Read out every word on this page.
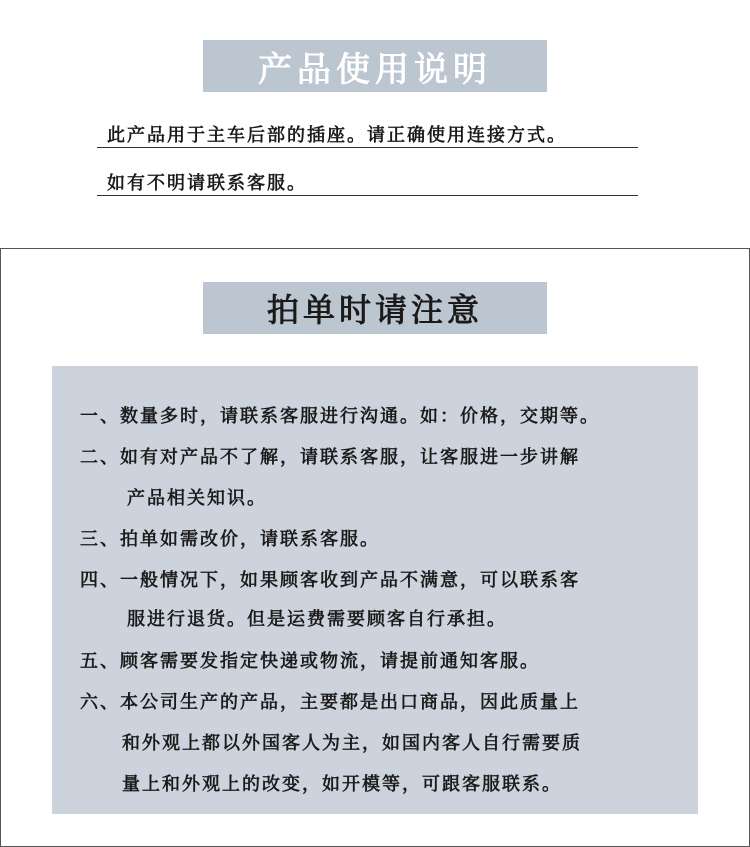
产品使用说明
此产品用于主车后部的插座。请正确使用连接方式。
如有不明请联系客服。
拍单时请注意
一、数量多时，请联系客服进行沟通。如：价格，交期等。
二、如有对产品不了解，请联系客服，让客服进一步讲解
产品相关知识。
三、拍单如需改价，请联系客服。
四、一般情况下，如果顾客收到产品不满意，可以联系客
服进行退货。但是运费需要顾客自行承担。
五、顾客需要发指定快递或物流，请提前通知客服。
六、本公司生产的产品，主要都是出口商品，因此质量上
和外观上都以外国客人为主，如国内客人自行需要质
量上和外观上的改变，如开模等，可跟客服联系。
